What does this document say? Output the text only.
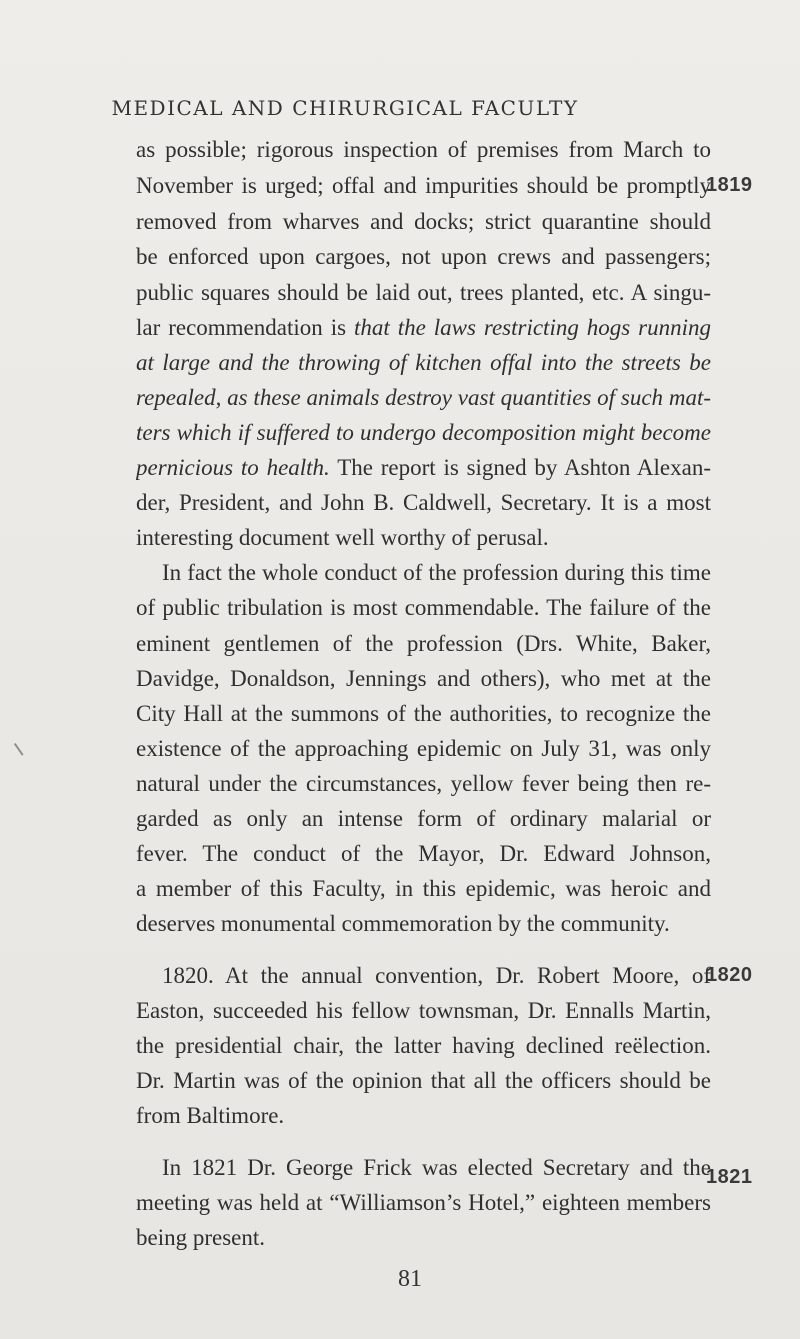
MEDICAL AND CHIRURGICAL FACULTY
as possible; rigorous inspection of premises from March to
November is urged; offal and impurities should be promptly
removed from wharves and docks; strict quarantine should
be enforced upon cargoes, not upon crews and passengers;
public squares should be laid out, trees planted, etc. A singu-
lar recommendation is that the laws restricting hogs running
at large and the throwing of kitchen offal into the streets be
repealed, as these animals destroy vast quantities of such mat-
ters which if suffered to undergo decomposition might become
pernicious to health. The report is signed by Ashton Alexan-
der, President, and John B. Caldwell, Secretary. It is a most
interesting document well worthy of perusal.
In fact the whole conduct of the profession during this time
of public tribulation is most commendable. The failure of the
eminent gentlemen of the profession (Drs. White, Baker,
Davidge, Donaldson, Jennings and others), who met at the
City Hall at the summons of the authorities, to recognize the
existence of the approaching epidemic on July 31, was only
natural under the circumstances, yellow fever being then re-
garded as only an intense form of ordinary malarial or
fever. The conduct of the Mayor, Dr. Edward Johnson,
a member of this Faculty, in this epidemic, was heroic and
deserves monumental commemoration by the community.
1820. At the annual convention, Dr. Robert Moore, of
Easton, succeeded his fellow townsman, Dr. Ennalls Martin,
the presidential chair, the latter having declined reëlection.
Dr. Martin was of the opinion that all the officers should be
from Baltimore.
In 1821 Dr. George Frick was elected Secretary and the
meeting was held at “Williamson’s Hotel,” eighteen members
being present.
1819
1820
1821
81
